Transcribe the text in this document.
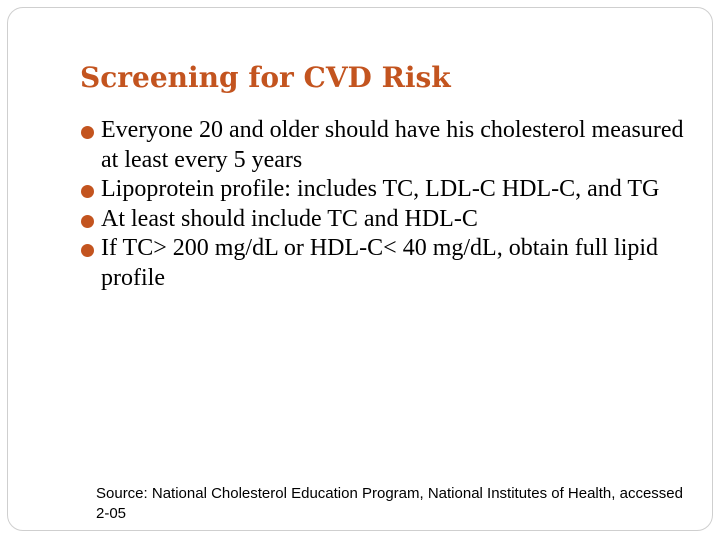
Screening for CVD Risk
Everyone 20 and older should have his cholesterol measured at least every 5 years
Lipoprotein profile: includes TC, LDL-C HDL-C, and TG
At least should include TC and HDL-C
If TC> 200 mg/dL or HDL-C< 40 mg/dL, obtain full lipid profile

Source: National Cholesterol Education Program, National Institutes of Health, accessed 2-05
